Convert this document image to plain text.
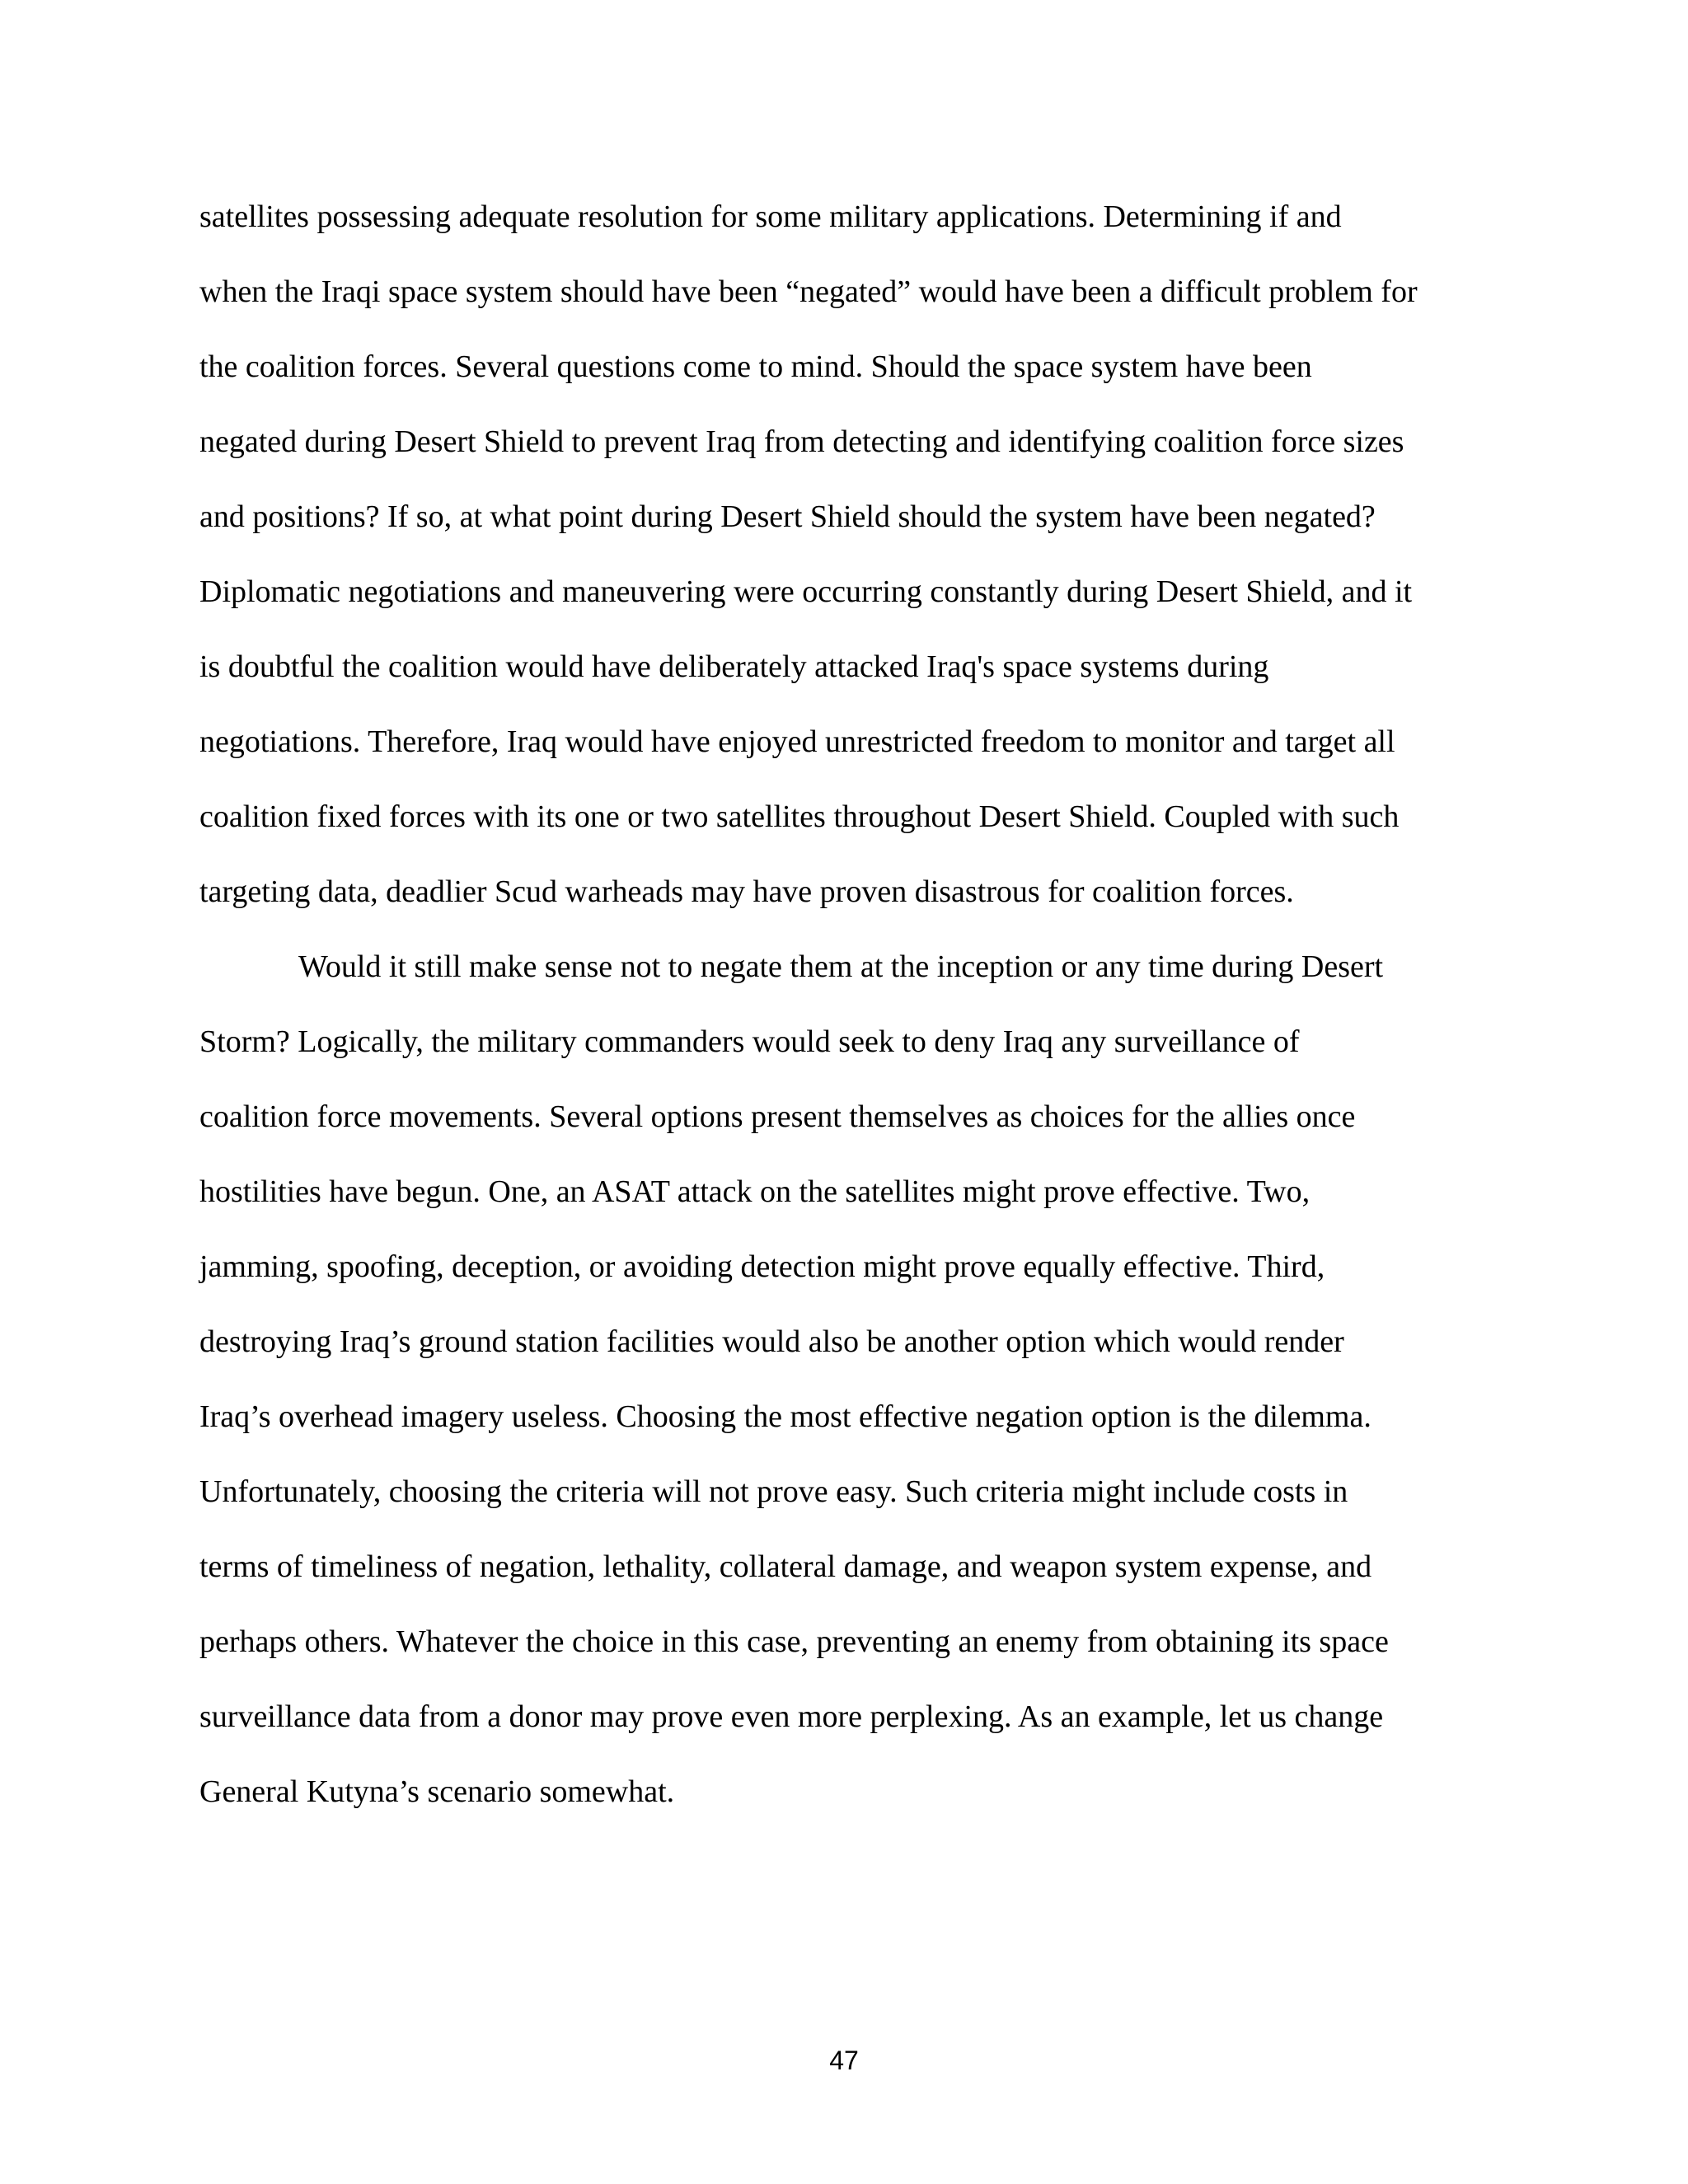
satellites possessing adequate resolution for some military applications. Determining if and
when the Iraqi space system should have been “negated” would have been a difficult problem for
the coalition forces. Several questions come to mind. Should the space system have been
negated during Desert Shield to prevent Iraq from detecting and identifying coalition force sizes
and positions? If so, at what point during Desert Shield should the system have been negated?
Diplomatic negotiations and maneuvering were occurring constantly during Desert Shield, and it
is doubtful the coalition would have deliberately attacked Iraq's space systems during
negotiations. Therefore, Iraq would have enjoyed unrestricted freedom to monitor and target all
coalition fixed forces with its one or two satellites throughout Desert Shield. Coupled with such
targeting data, deadlier Scud warheads may have proven disastrous for coalition forces.
Would it still make sense not to negate them at the inception or any time during Desert
Storm? Logically, the military commanders would seek to deny Iraq any surveillance of
coalition force movements. Several options present themselves as choices for the allies once
hostilities have begun. One, an ASAT attack on the satellites might prove effective. Two,
jamming, spoofing, deception, or avoiding detection might prove equally effective. Third,
destroying Iraq’s ground station facilities would also be another option which would render
Iraq’s overhead imagery useless. Choosing the most effective negation option is the dilemma.
Unfortunately, choosing the criteria will not prove easy. Such criteria might include costs in
terms of timeliness of negation, lethality, collateral damage, and weapon system expense, and
perhaps others. Whatever the choice in this case, preventing an enemy from obtaining its space
surveillance data from a donor may prove even more perplexing. As an example, let us change
General Kutyna’s scenario somewhat.
47
